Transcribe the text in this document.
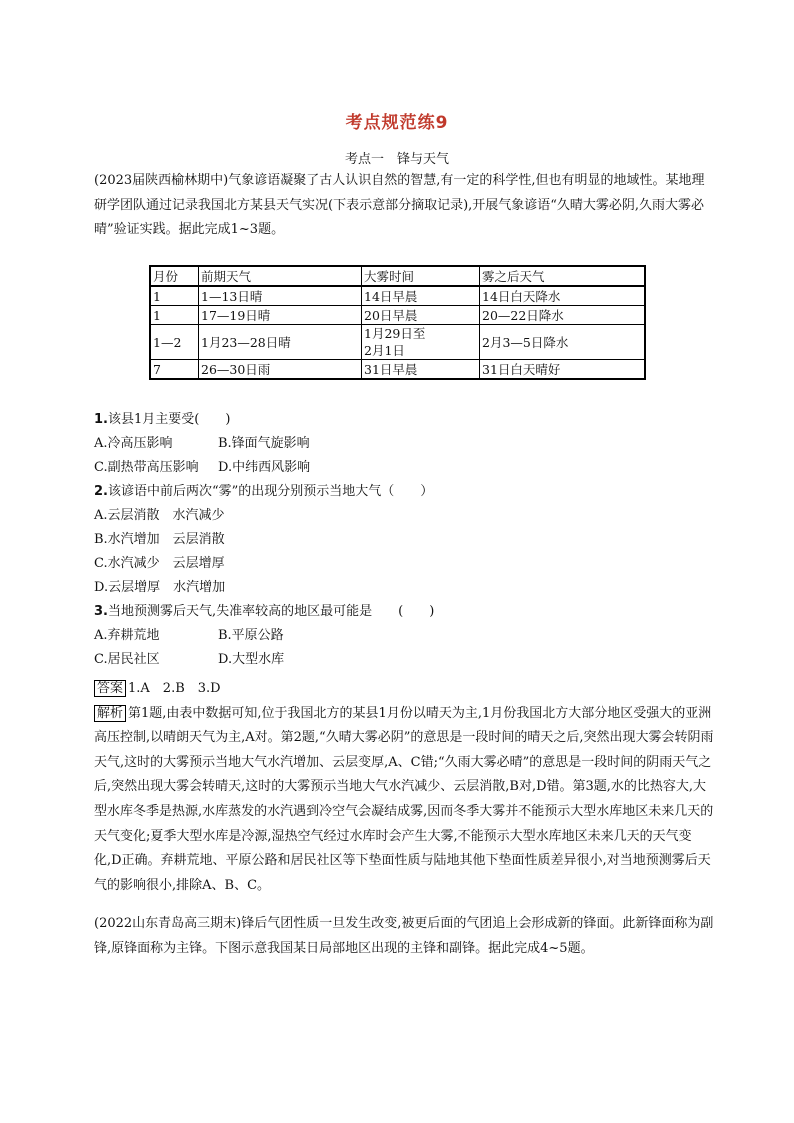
考点规范练9
考点一　锋与天气
(2023届陕西榆林期中)气象谚语凝聚了古人认识自然的智慧,有一定的科学性,但也有明显的地域性。某地理研学团队通过记录我国北方某县天气实况(下表示意部分摘取记录),开展气象谚语“久晴大雾必阴,久雨大雾必晴”验证实践。据此完成1~3题。
月份	前期天气	大雾时间	雾之后天气
1	1—13日晴	14日早晨	14日白天降水
1	17—19日晴	20日早晨	20—22日降水
1—2	1月23—28日晴	1月29日至
2月1日	2月3—5日降水
7	26—30日雨	31日早晨	31日白天晴好
1.该县1月主要受(　　)
A.冷高压影响	B.锋面气旋影响
C.副热带高压影响 D.中纬西风影响
2.该谚语中前后两次“雾”的出现分别预示当地大气（　　）
A.云层消散　水汽减少
B.水汽增加　云层消散
C.水汽减少　云层增厚
D.云层增厚　水汽增加
3.当地预测雾后天气,失准率较高的地区最可能是　　(　　)
A.弃耕荒地	B.平原公路
C.居民社区	D.大型水库
答案 1.A　2.B　3.D
解析 第1题,由表中数据可知,位于我国北方的某县1月份以晴天为主,1月份我国北方大部分地区受强大的亚洲高压控制,以晴朗天气为主,A对。第2题,“久晴大雾必阴”的意思是一段时间的晴天之后,突然出现大雾会转阴雨天气,这时的大雾预示当地大气水汽增加、云层变厚,A、C错;“久雨大雾必晴”的意思是一段时间的阴雨天气之后,突然出现大雾会转晴天,这时的大雾预示当地大气水汽减少、云层消散,B对,D错。第3题,水的比热容大,大型水库冬季是热源,水库蒸发的水汽遇到冷空气会凝结成雾,因而冬季大雾并不能预示大型水库地区未来几天的天气变化;夏季大型水库是冷源,湿热空气经过水库时会产生大雾,不能预示大型水库地区未来几天的天气变化,D正确。弃耕荒地、平原公路和居民社区等下垫面性质与陆地其他下垫面性质差异很小,对当地预测雾后天气的影响很小,排除A、B、C。
(2022山东青岛高三期末)锋后气团性质一旦发生改变,被更后面的气团追上会形成新的锋面。此新锋面称为副锋,原锋面称为主锋。下图示意我国某日局部地区出现的主锋和副锋。据此完成4~5题。
